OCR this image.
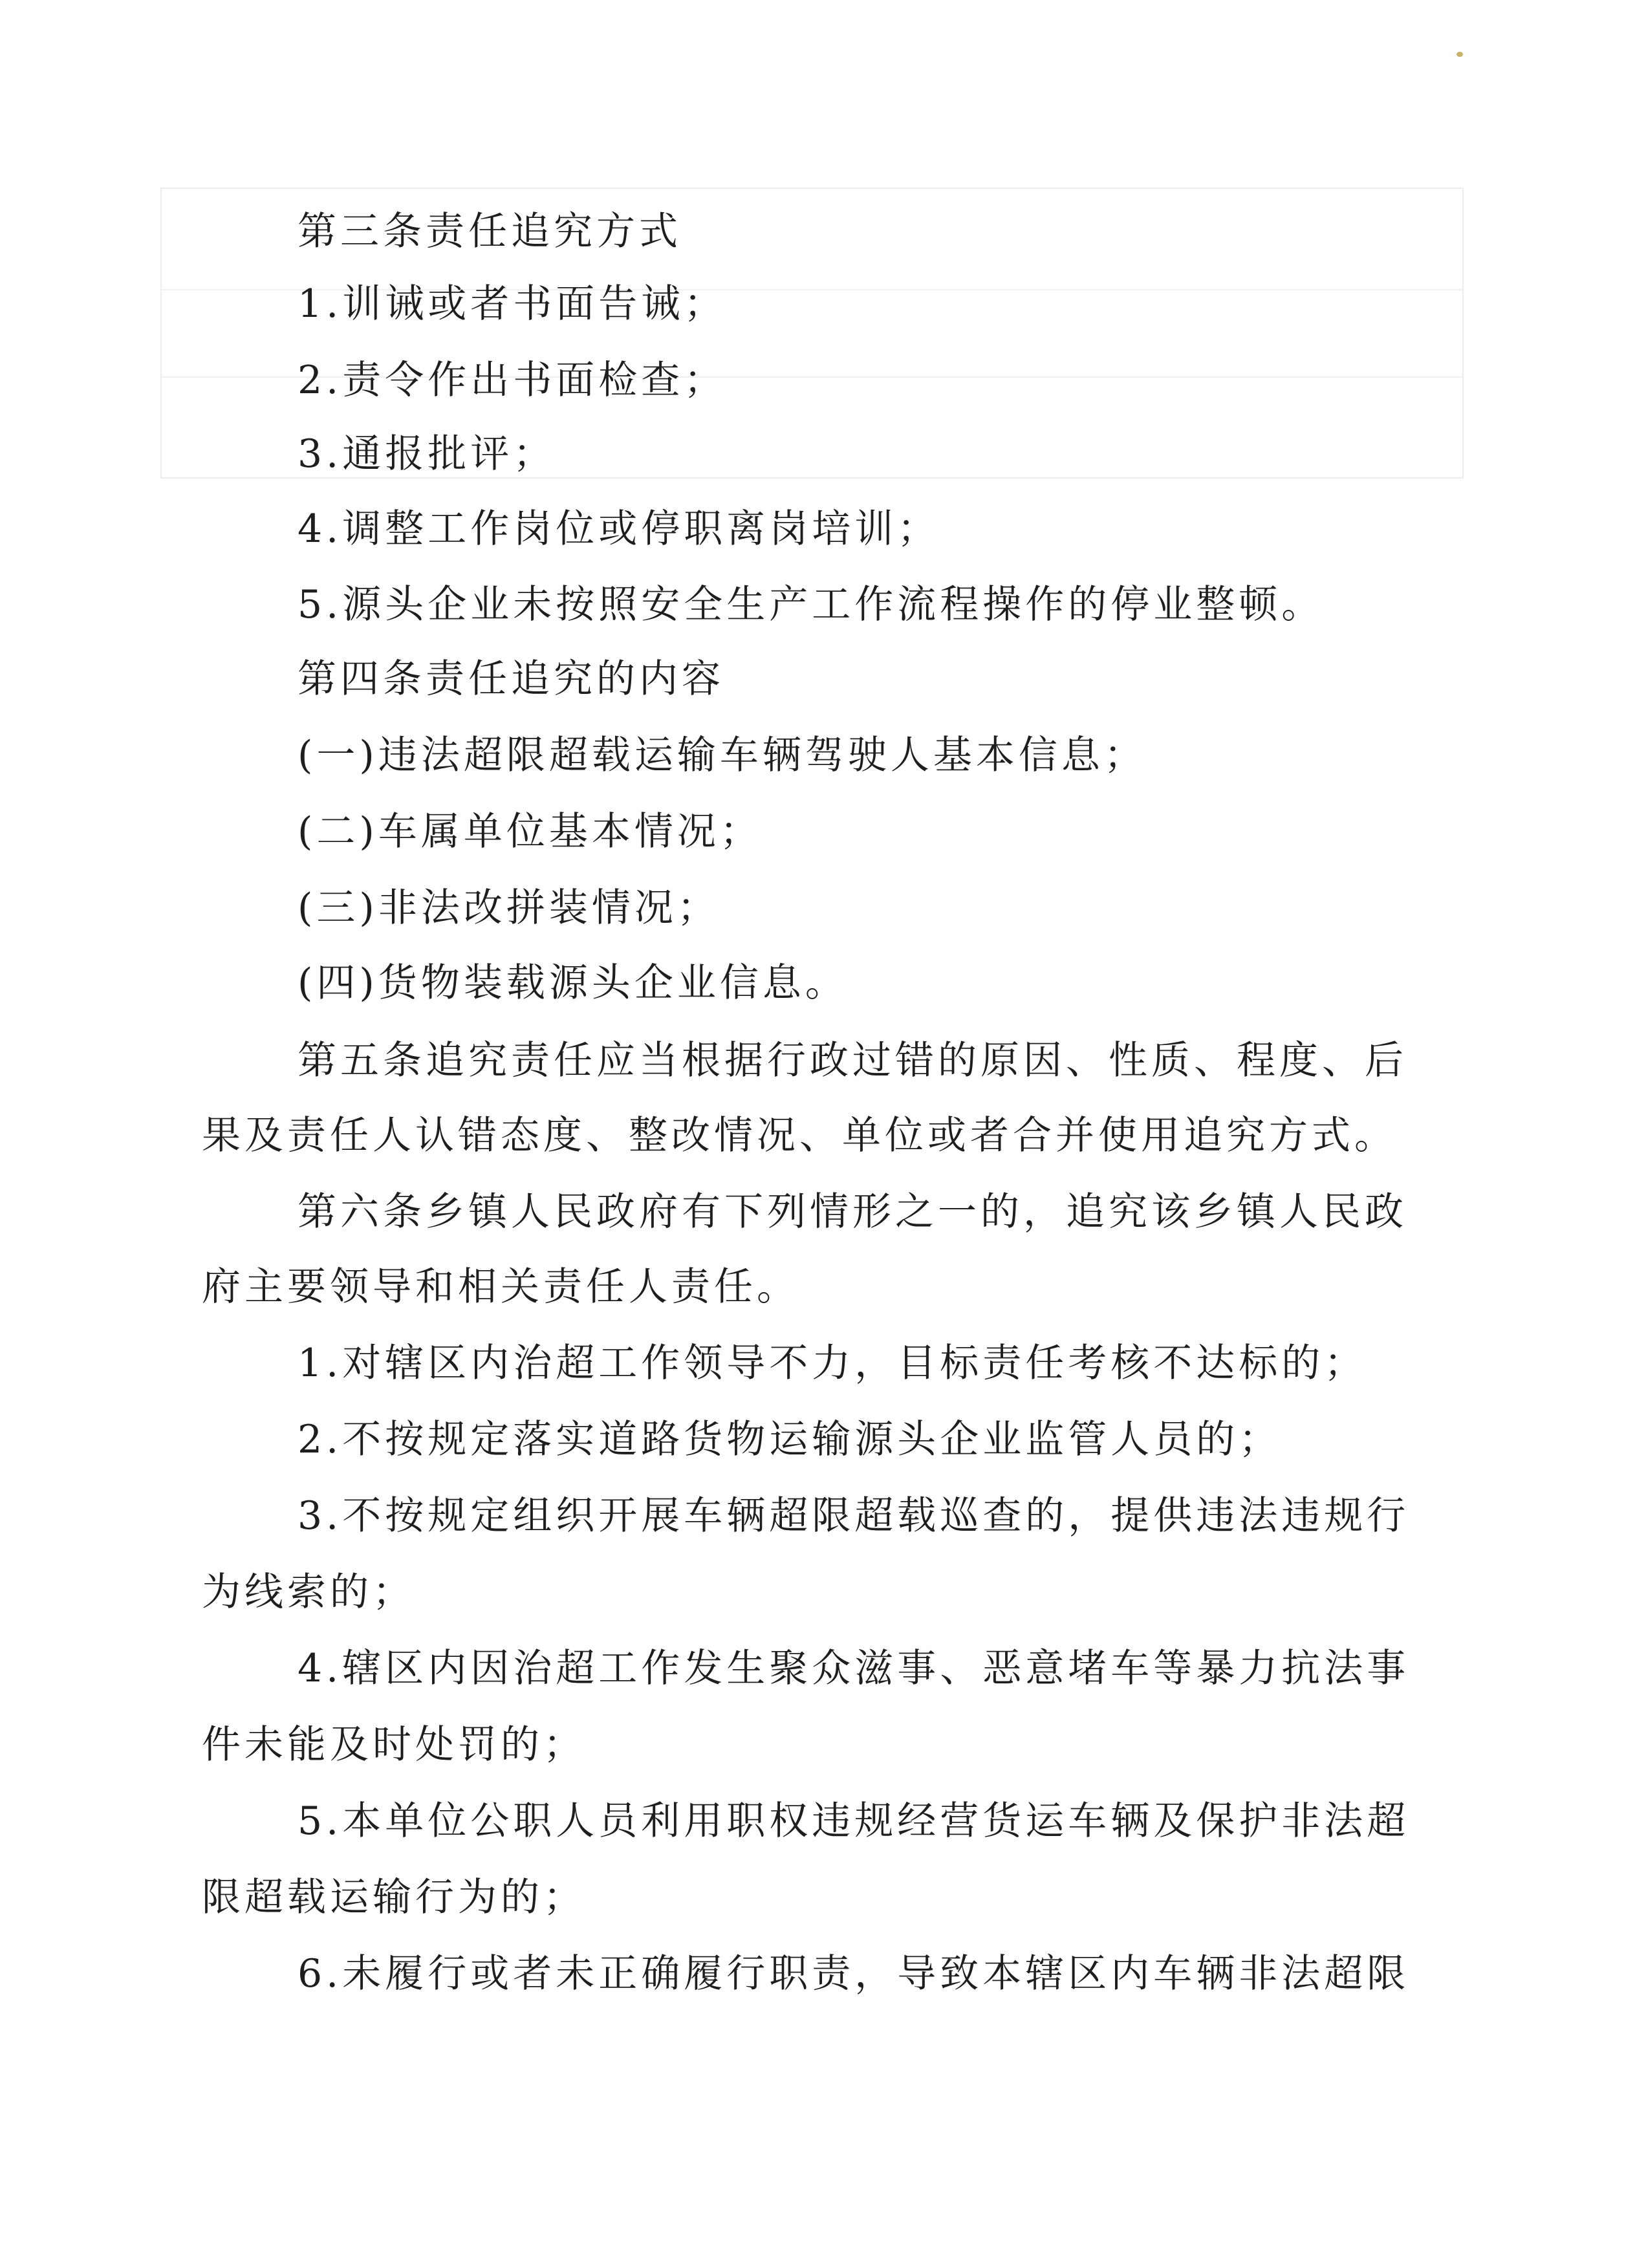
第三条责任追究方式
1.训诫或者书面告诫；
2.责令作出书面检查；
3.通报批评；
4.调整工作岗位或停职离岗培训；
5.源头企业未按照安全生产工作流程操作的停业整顿。
第四条责任追究的内容
(一)违法超限超载运输车辆驾驶人基本信息；
(二)车属单位基本情况；
(三)非法改拼装情况；
(四)货物装载源头企业信息。
第五条追究责任应当根据行政过错的原因、性质、程度、后
果及责任人认错态度、整改情况、单位或者合并使用追究方式。
第六条乡镇人民政府有下列情形之一的，追究该乡镇人民政
府主要领导和相关责任人责任。
1.对辖区内治超工作领导不力，目标责任考核不达标的；
2.不按规定落实道路货物运输源头企业监管人员的；
3.不按规定组织开展车辆超限超载巡查的，提供违法违规行
为线索的；
4.辖区内因治超工作发生聚众滋事、恶意堵车等暴力抗法事
件未能及时处罚的；
5.本单位公职人员利用职权违规经营货运车辆及保护非法超
限超载运输行为的；
6.未履行或者未正确履行职责，导致本辖区内车辆非法超限
